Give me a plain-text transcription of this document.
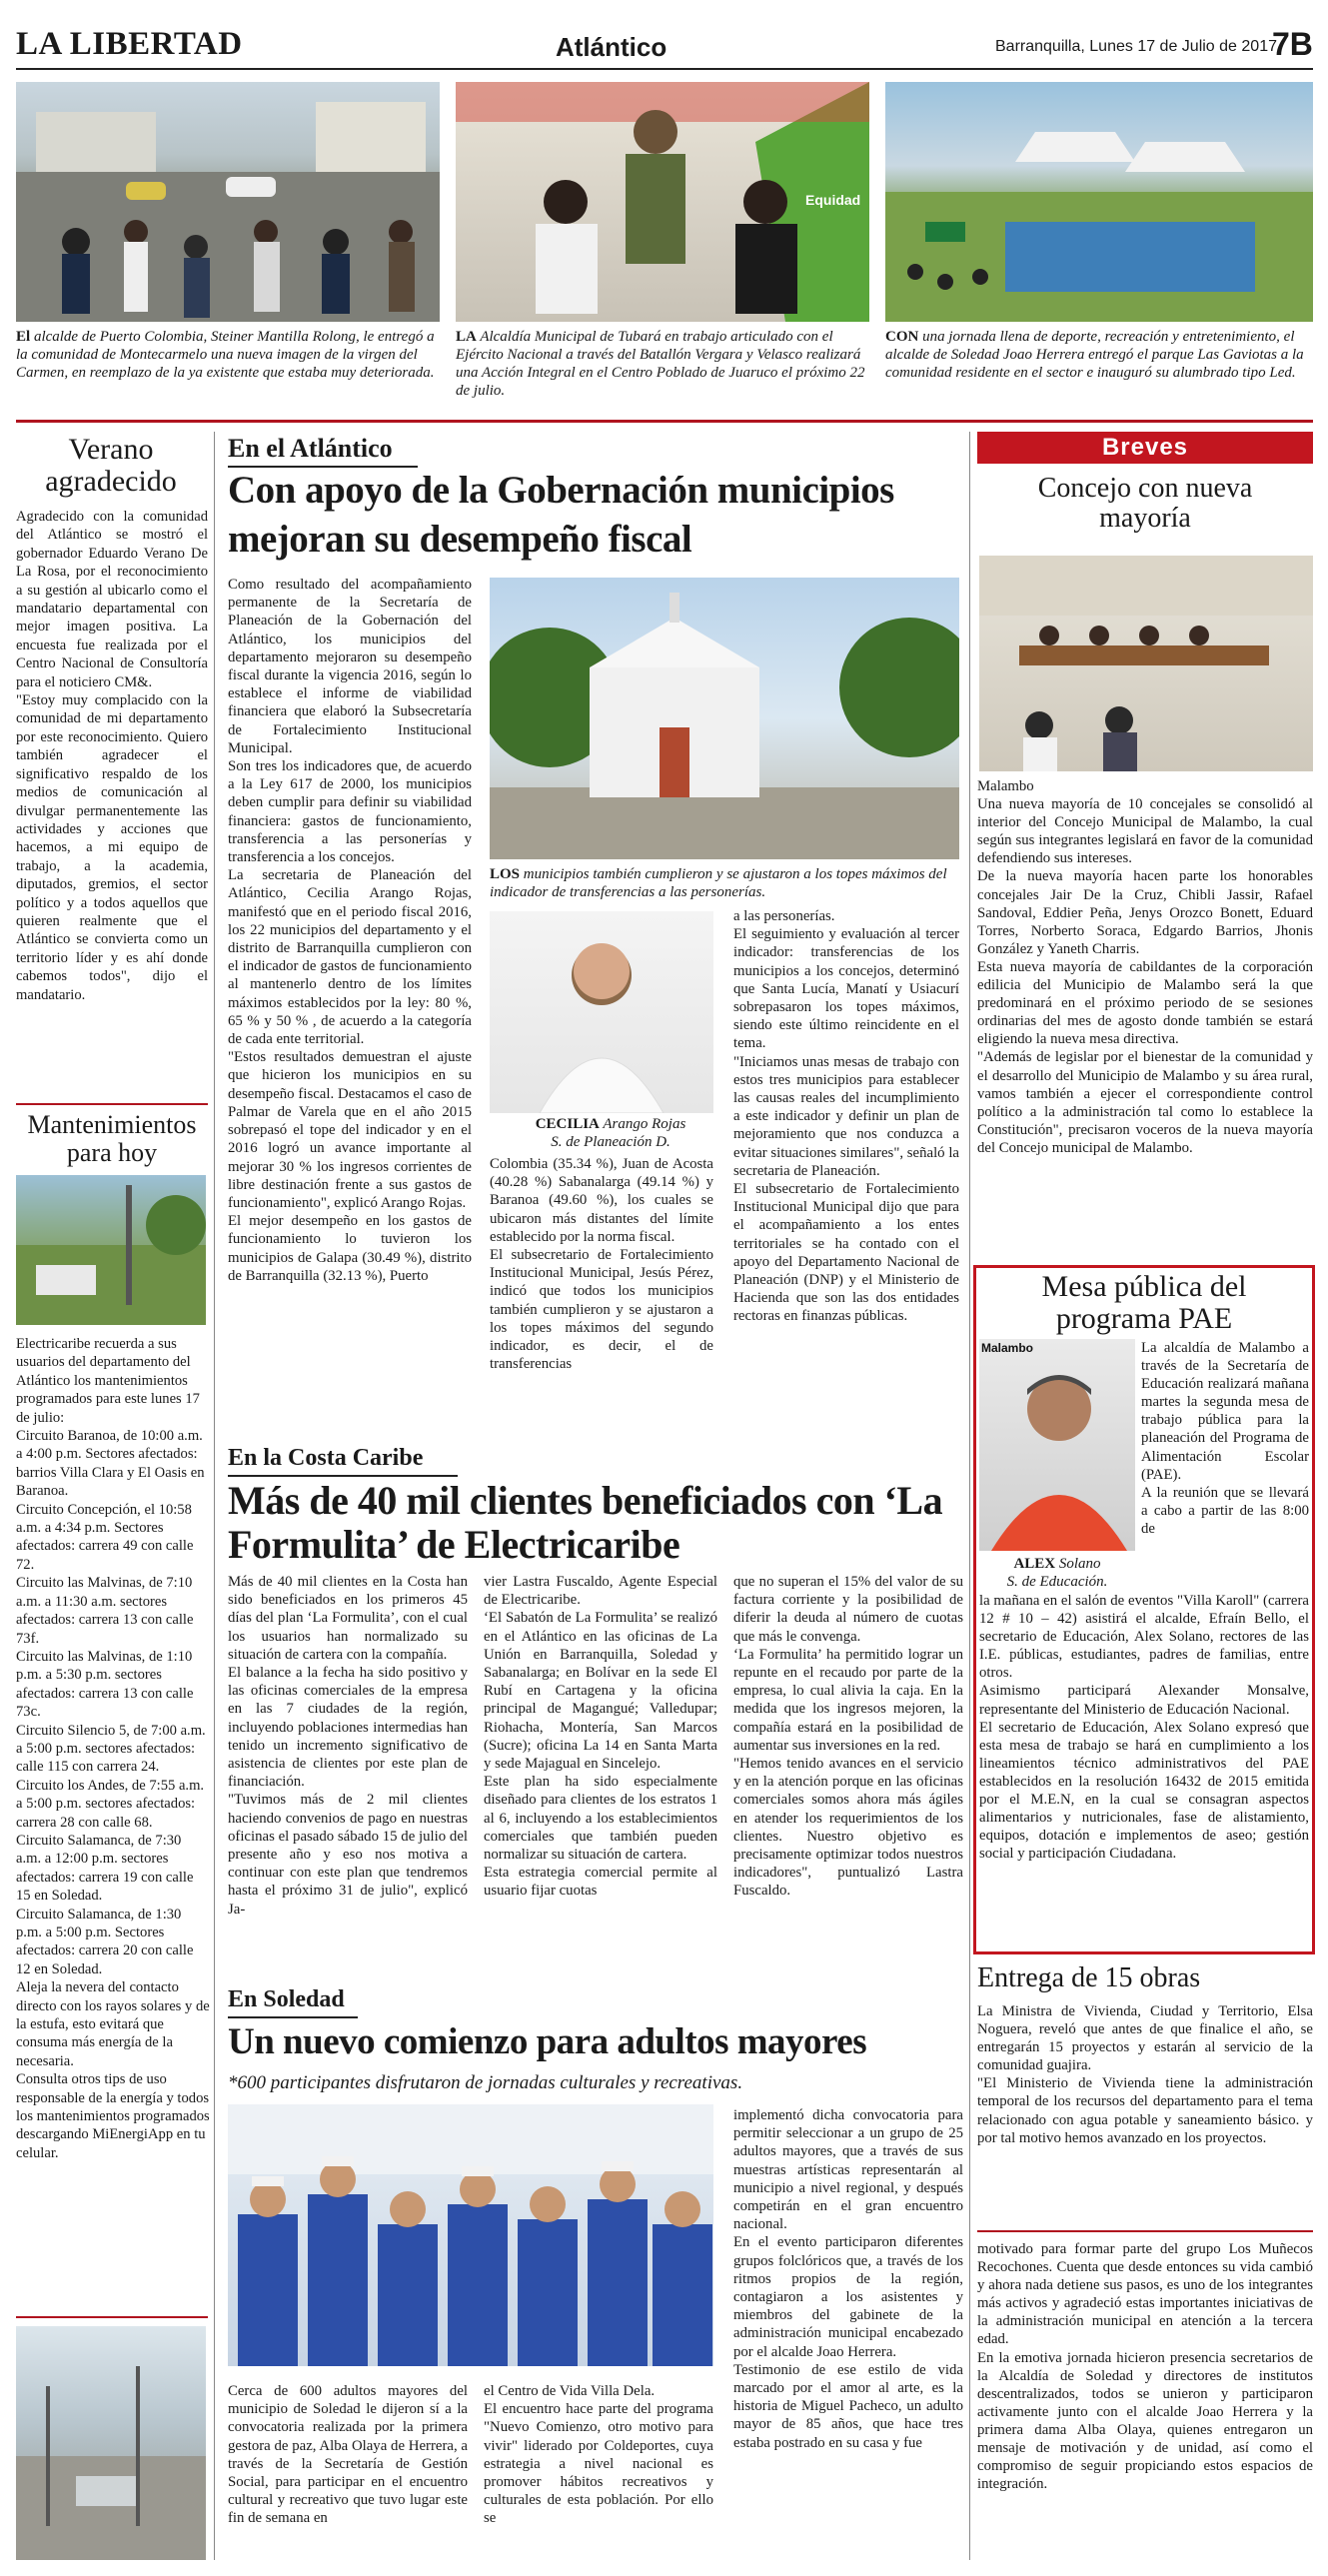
LA LIBERTAD	Atlántico	Barranquilla, Lunes 17 de Julio de 2017
7B
Equidad
El alcalde de Puerto Colombia, Steiner Mantilla Rolong, le entregó a la comunidad de Montecarmelo una nueva imagen de la virgen del Carmen, en reemplazo de la ya existente que estaba muy deteriorada.
LA Alcaldía Municipal de Tubará en trabajo articulado con el Ejército Nacional a través del Batallón Vergara y Velasco realizará una Acción Integral en el Centro Poblado de Juaruco el próximo 22 de julio.
CON una jornada llena de deporte, recreación y entretenimiento, el alcalde de Soledad Joao Herrera entregó el parque Las Gaviotas a la comunidad residente en el sector e inauguró su alumbrado tipo Led.
Verano
agradecido
Agradecido con la comunidad del Atlántico se mostró el gobernador Eduardo Verano De La Rosa, por el reconocimiento a su gestión al ubicarlo como el mandatario departamental con mejor imagen positiva. La encuesta fue realizada por el Centro Nacional de Consultoría para el noticiero CM&.
"Estoy muy complacido con la comunidad de mi departamento por este reconocimiento. Quiero también agradecer el significativo respaldo de los medios de comunicación al divulgar permanentemente las actividades y acciones que hacemos, a mi equipo de trabajo, a la academia, diputados, gremios, el sector político y a todos aquellos que quieren realmente que el Atlántico se convierta como un territorio líder y es ahí donde cabemos todos", dijo el mandatario.
Mantenimientos
para hoy
Electricaribe recuerda a sus usuarios del departamento del Atlántico los mantenimientos programados para este lunes 17 de julio:
Circuito Baranoa, de 10:00 a.m. a 4:00 p.m. Sectores afectados: barrios Villa Clara y El Oasis en Baranoa.
Circuito Concepción, el 10:58 a.m. a 4:34 p.m. Sectores afectados: carrera 49 con calle 72.
Circuito las Malvinas, de 7:10 a.m. a 11:30 a.m. sectores afectados: carrera 13 con calle 73f.
Circuito las Malvinas, de 1:10 p.m. a 5:30 p.m. sectores afectados: carrera 13 con calle 73c.
Circuito Silencio 5, de 7:00 a.m. a 5:00 p.m. sectores afectados: calle 115 con carrera 24.
Circuito los Andes, de 7:55 a.m. a 5:00 p.m. sectores afectados: carrera 28 con calle 68.
Circuito Salamanca, de 7:30 a.m. a 12:00 p.m. sectores afectados: carrera 19 con calle 15 en Soledad.
Circuito Salamanca, de 1:30 p.m. a 5:00 p.m. Sectores afectados: carrera 20 con calle 12 en Soledad.
Aleja la nevera del contacto directo con los rayos solares y de la estufa, esto evitará que consuma más energía de la necesaria.
Consulta otros tips de uso responsable de la energía y todos los mantenimientos programados descargando MiEnergiApp en tu celular.
En el Atlántico
Con apoyo de la Gobernación municipios mejoran su desempeño fiscal
Como resultado del acompañamiento permanente de la Secretaría de Planeación de la Gobernación del Atlántico, los municipios del departamento mejoraron su desempeño fiscal durante la vigencia 2016, según lo establece el informe de viabilidad financiera que elaboró la Subsecretaría de Fortalecimiento Institucional Municipal.
Son tres los indicadores que, de acuerdo a la Ley 617 de 2000, los municipios deben cumplir para definir su viabilidad financiera: gastos de funcionamiento, transferencia a las personerías y transferencia a los concejos.
La secretaria de Planeación del Atlántico, Cecilia Arango Rojas, manifestó que en el periodo fiscal 2016, los 22 municipios del departamento y el distrito de Barranquilla cumplieron con el indicador de gastos de funcionamiento al mantenerlo dentro de los límites máximos establecidos por la ley: 80 %, 65 % y 50 % , de acuerdo a la categoría de cada ente territorial.
"Estos resultados demuestran el ajuste que hicieron los municipios en su desempeño fiscal. Destacamos el caso de Palmar de Varela que en el año 2015 sobrepasó el tope del indicador y en el 2016 logró un avance importante al mejorar 30 % los ingresos corrientes de libre destinación frente a sus gastos de funcionamiento", explicó Arango Rojas.
El mejor desempeño en los gastos de funcionamiento lo tuvieron los municipios de Galapa (30.49 %), distrito de Barranquilla (32.13 %), Puerto
LOS municipios también cumplieron y se ajustaron a los topes máximos del indicador de transferencias a las personerías.
CECILIA Arango Rojas
S. de Planeación D.
Colombia (35.34 %), Juan de Acosta (40.28 %) Sabanalarga (49.14 %) y Baranoa (49.60 %), los cuales se ubicaron más distantes del límite establecido por la norma fiscal.
El subsecretario de Fortalecimiento Institucional Municipal, Jesús Pérez, indicó que todos los municipios también cumplieron y se ajustaron a los topes máximos del segundo indicador, es decir, el de transferencias
a las personerías.
El seguimiento y evaluación al tercer indicador: transferencias de los municipios a los concejos, determinó que Santa Lucía, Manatí y Usiacurí sobrepasaron los topes máximos, siendo este último reincidente en el tema.
"Iniciamos unas mesas de trabajo con estos tres municipios para establecer las causas reales del incumplimiento a este indicador y definir un plan de mejoramiento que nos conduzca a evitar situaciones similares", señaló la secretaria de Planeación.
El subsecretario de Fortalecimiento Institucional Municipal dijo que para el acompañamiento a los entes territoriales se ha contado con el apoyo del Departamento Nacional de Planeación (DNP) y el Ministerio de Hacienda que son las dos entidades rectoras en finanzas públicas.
En la Costa Caribe
Más de 40 mil clientes beneficiados con ‘La Formulita’ de Electricaribe
Más de 40 mil clientes en la Costa han sido beneficiados en los primeros 45 días del plan ‘La Formulita’, con el cual los usuarios han normalizado su situación de cartera con la compañía.
El balance a la fecha ha sido positivo y las oficinas comerciales de la empresa en las 7 ciudades de la región, incluyendo poblaciones intermedias han tenido un incremento significativo de asistencia de clientes por este plan de financiación.
"Tuvimos más de 2 mil clientes haciendo convenios de pago en nuestras oficinas el pasado sábado 15 de julio del presente año y eso nos motiva a continuar con este plan que tendremos hasta el próximo 31 de julio", explicó Ja-
vier Lastra Fuscaldo, Agente Especial de Electricaribe.
‘El Sabatón de La Formulita’ se realizó en el Atlántico en las oficinas de La Unión en Barranquilla, Soledad y Sabanalarga; en Bolívar en la sede El Rubí en Cartagena y la oficina principal de Magangué; Valledupar; Riohacha, Montería, San Marcos (Sucre); oficina La 14 en Santa Marta y sede Majagual en Sincelejo.
Este plan ha sido especialmente diseñado para clientes de los estratos 1 al 6, incluyendo a los establecimientos comerciales que también pueden normalizar su situación de cartera.
Esta estrategia comercial permite al usuario fijar cuotas
que no superan el 15% del valor de su factura corriente y la posibilidad de diferir la deuda al número de cuotas que más le convenga.
‘La Formulita’ ha permitido lograr un repunte en el recaudo por parte de la empresa, lo cual alivia la caja. En la medida que los ingresos mejoren, la compañía estará en la posibilidad de aumentar sus inversiones en la red.
"Hemos tenido avances en el servicio y en la atención porque en las oficinas comerciales somos ahora más ágiles en atender los requerimientos de los clientes. Nuestro objetivo es precisamente optimizar todos nuestros indicadores", puntualizó Lastra Fuscaldo.
En Soledad
Un nuevo comienzo para adultos mayores
*600 participantes disfrutaron de jornadas culturales y recreativas.
Cerca de 600 adultos mayores del municipio de Soledad le dijeron sí a la convocatoria realizada por la primera gestora de paz, Alba Olaya de Herrera, a través de la Secretaría de Gestión Social, para participar en el encuentro cultural y recreativo que tuvo lugar este fin de semana en
el Centro de Vida Villa Dela.
El encuentro hace parte del programa "Nuevo Comienzo, otro motivo para vivir" liderado por Coldeportes, cuya estrategia a nivel nacional es promover hábitos recreativos y culturales de esta población. Por ello se
implementó dicha convocatoria para permitir seleccionar a un grupo de 25 adultos mayores, que a través de sus muestras artísticas representarán al municipio a nivel regional, y después competirán en el gran encuentro nacional.
En el evento participaron diferentes grupos folclóricos que, a través de los ritmos propios de la región, contagiaron a los asistentes y miembros del gabinete de la administración municipal encabezado por el alcalde Joao Herrera.
Testimonio de ese estilo de vida marcado por el amor al arte, es la historia de Miguel Pacheco, un adulto mayor de 85 años, que hace tres estaba postrado en su casa y fue
Breves
Concejo con nueva
mayoría
Malambo
Una nueva mayoría de 10 concejales se consolidó al interior del Concejo Municipal de Malambo, la cual según sus integrantes legislará en favor de la comunidad defendiendo sus intereses.
De la nueva mayoría hacen parte los honorables concejales Jair De la Cruz, Chibli Jassir, Rafael Sandoval, Eddier Peña, Jenys Orozco Bonett, Eduard Torres, Norberto Soraca, Edgardo Barrios, Jhonis González y Yaneth Charris.
Esta nueva mayoría de cabildantes de la corporación edilicia del Municipio de Malambo será la que predominará en el próximo periodo de se sesiones ordinarias del mes de agosto donde también se estará eligiendo la nueva mesa directiva.
"Además de legislar por el bienestar de la comunidad y el desarrollo del Municipio de Malambo y su área rural, vamos también a ejecer el correspondiente control político a la administración tal como lo establece la Constitución", precisaron voceros de la nueva mayoría del Concejo municipal de Malambo.
Mesa pública del
programa PAE
Malambo
ALEX Solano
S. de Educación.
La alcaldía de Malambo a través de la Secretaría de Educación realizará mañana martes la segunda mesa de trabajo pública para la planeación del Programa de Alimentación Escolar (PAE).
A la reunión que se llevará a cabo a partir de las 8:00 de
la mañana en el salón de eventos "Villa Karoll" (carrera 12 # 10 – 42) asistirá el alcalde, Efraín Bello, el secretario de Educación, Alex Solano, rectores de las I.E. públicas, estudiantes, padres de familias, entre otros.
Asimismo participará Alexander Monsalve, representante del Ministerio de Educación Nacional.
El secretario de Educación, Alex Solano expresó que esta mesa de trabajo se hará en cumplimiento a los lineamientos técnico administrativos del PAE establecidos en la resolución 16432 de 2015 emitida por el M.E.N, en la cual se consagran aspectos alimentarios y nutricionales, fase de alistamiento, equipos, dotación e implementos de aseo; gestión social y participación Ciudadana.
Entrega de 15 obras
La Ministra de Vivienda, Ciudad y Territorio, Elsa Noguera, reveló que antes de que finalice el año, se entregarán 15 proyectos y estarán al servicio de la comunidad guajira.
"El Ministerio de Vivienda tiene la administración temporal de los recursos del departamento para el tema relacionado con agua potable y saneamiento básico. y por tal motivo hemos avanzado en los proyectos.
motivado para formar parte del grupo Los Muñecos Recochones. Cuenta que desde entonces su vida cambió y ahora nada detiene sus pasos, es uno de los integrantes más activos y agradeció estas importantes iniciativas de la administración municipal en atención a la tercera edad.
En la emotiva jornada hicieron presencia secretarios de la Alcaldía de Soledad y directores de institutos descentralizados, todos se unieron y participaron activamente junto con el alcalde Joao Herrera y la primera dama Alba Olaya, quienes entregaron un mensaje de motivación y de unidad, así como el compromiso de seguir propiciando estos espacios de integración.
